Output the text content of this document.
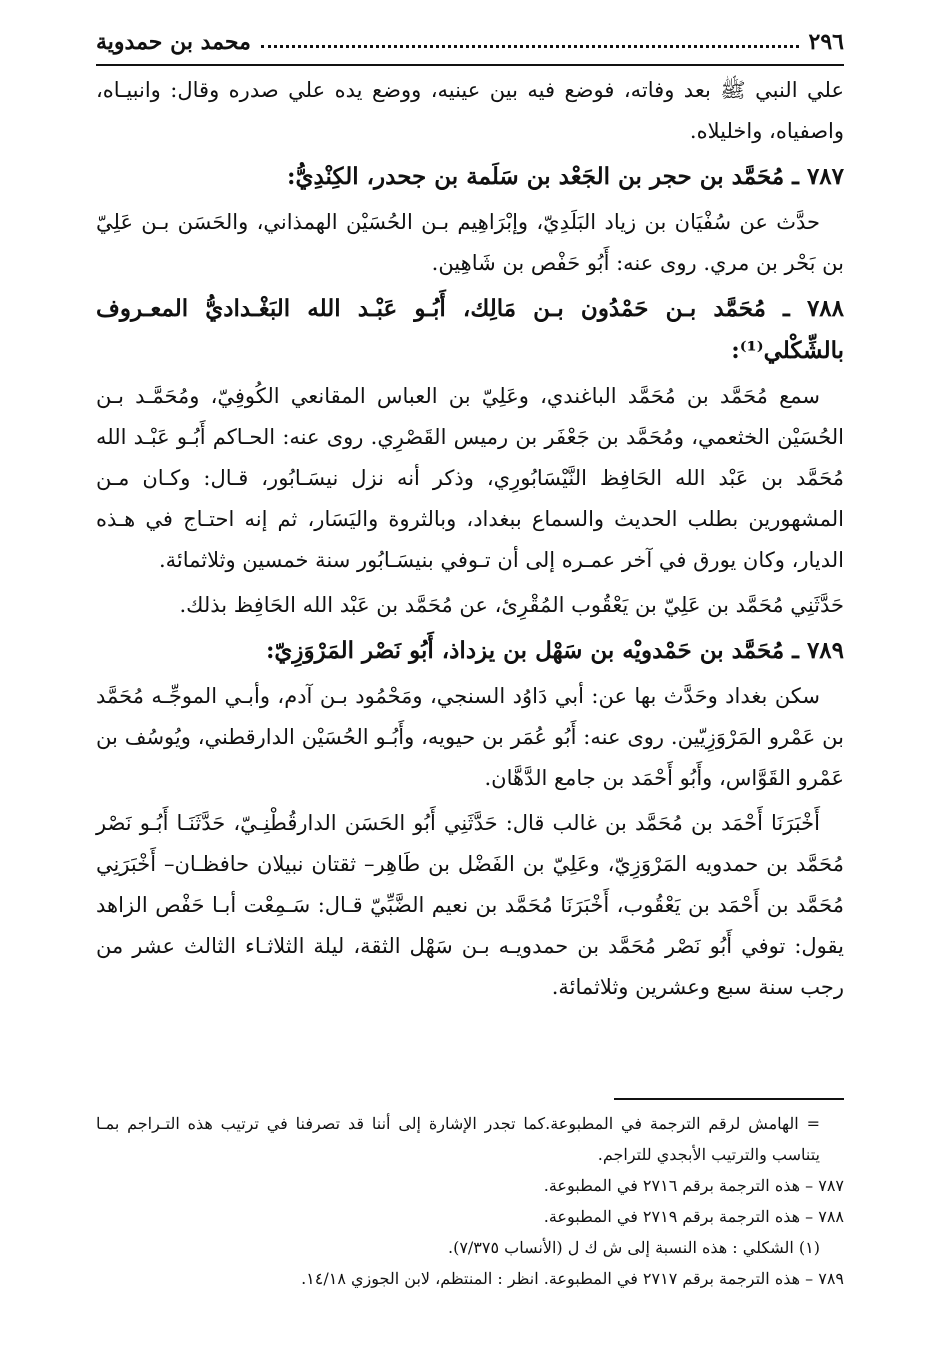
٢٩٦
محمد بن حمدوية

علي النبي ﷺ بعد وفاته، فوضع فيه بين عينيه، ووضع يده علي صدره وقال: وانبيـاه، واصفياه، واخليلاه.

٧٨٧ ـ مُحَمَّد بن حجر بن الجَعْد بن سَلَمة بن جحدر، الكِنْدِيُّ:

حدَّث عن سُفْيَان بن زياد البَلَدِيّ، وإبْرَاهِيم بـن الحُسَيْن الهمذاني، والحَسَن بـن عَلِيّ بن بَحْر بن مري. روى عنه: أَبُو حَفْص بن شَاهِين.

٧٨٨ ـ مُحَمَّد بـن حَمْدُون بـن مَالِك، أَبُـو عَبْـد الله البَغْـداديُّ المعـروف بالشِّكْلي⁽¹⁾:

سمع مُحَمَّد بن مُحَمَّد الباغندي، وعَلِيّ بن العباس المقانعي الكُوفِيّ، ومُحَمَّـد بـن الحُسَيْن الخثعمي، ومُحَمَّد بن جَعْفَر بن رميس القَصْرِي. روى عنه: الحـاكم أَبُـو عَبْـد الله مُحَمَّد بن عَبْد الله الحَافِظ النَّيْسَابُورِي، وذكر أنه نزل نيسَـابُور، قـال: وكـان مـن المشهورين بطلب الحديث والسماع ببغداد، وبالثروة واليَسَار، ثم إنه احتـاج في هـذه الديار، وكان يورق في آخر عمـره إلى أن تـوفي بنيسَـابُور سنة خمسين وثلاثمائة.

حَدَّثَنِي مُحَمَّد بن عَلِيّ بن يَعْقُوب المُقْرِئ، عن مُحَمَّد بن عَبْد الله الحَافِظ بذلك.

٧٨٩ ـ مُحَمَّد بن حَمْدويْه بن سَهْل بن يزداذ، أَبُو نَصْر المَرْوَزِيّ:

سكن بغداد وحَدَّث بها عن: أبي دَاوُد السنجي، ومَحْمُود بـن آدم، وأبـي الموجِّـه مُحَمَّد بن عَمْرو المَرْوَزِيّين. روى عنه: أَبُو عُمَر بن حيويه، وأَبُـو الحُسَيْن الدارقطني، ويُوسُف بن عَمْرو القَوَّاس، وأَبُو أَحْمَد بن جامع الدَّهَّان.

أَخْبَرَنَا أَحْمَد بن مُحَمَّد بن غالب قال: حَدَّثَنِي أَبُو الحَسَن الدارقُطْنِـيّ، حَدَّثَنَـا أَبُـو نَصْر مُحَمَّد بن حمدويه المَرْوَزِيّ، وعَلِيّ بن الفَضْل بن طَاهِر– ثقتان نبيلان حافظـان– أَخْبَرَنِي مُحَمَّد بن أَحْمَد بن يَعْقُوب، أَخْبَرَنَا مُحَمَّد بن نعيم الضَّبِّيّ قـال: سَـمِعْت أبـا حَفْص الزاهد يقول: توفي أَبُو نَصْر مُحَمَّد بن حمدويـه بـن سَهْل الثقة، ليلة الثلاثـاء الثالث عشر من رجب سنة سبع وعشرين وثلاثمائة.

= الهامش لرقم الترجمة في المطبوعة.كما تجدر الإشارة إلى أننا قد تصرفنا في ترتيب هذه التـراجم بمـا يتناسب والترتيب الأبجدي للتراجم.
٧٨٧ – هذه الترجمة برقم ٢٧١٦ في المطبوعة.
٧٨٨ – هذه الترجمة برقم ٢٧١٩ في المطبوعة.
(١) الشكلي : هذه النسبة إلى ش ك ل (الأنساب ٧/٣٧٥).
٧٨٩ – هذه الترجمة برقم ٢٧١٧ في المطبوعة. انظر : المنتظم، لابن الجوزي ١٤/١٨.
